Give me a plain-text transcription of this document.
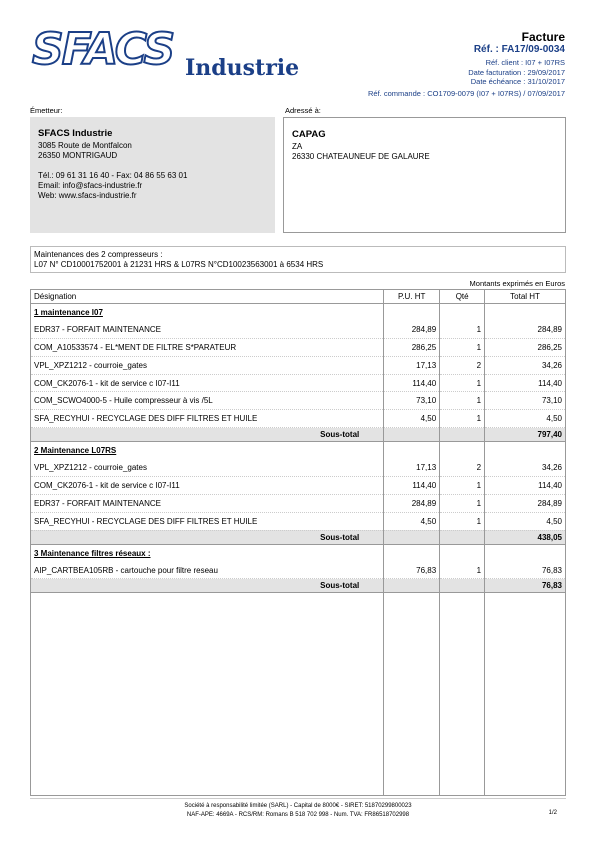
SFACS Industrie
Facture
Réf. : FA17/09-0034
Réf. client : I07 + I07RS
Date facturation : 29/09/2017
Date échéance : 31/10/2017
Réf. commande : CO1709-0079 (I07 + I07RS) / 07/09/2017
Émetteur:	Adressé à:
SFACS Industrie
3085 Route de Montfalcon
26350 MONTRIGAUD
Tél.: 09 61 31 16 40 - Fax: 04 86 55 63 01
Email: info@sfacs-industrie.fr
Web: www.sfacs-industrie.fr
CAPAG
ZA
26330 CHATEAUNEUF DE GALAURE
Maintenances des 2 compresseurs :
L07 N° CD10001752001 à 21231 HRS & L07RS N°CD10023563001 à 6534 HRS
Montants exprimés en Euros
Désignation	P.U. HT	Qté	Total HT
1 maintenance l07			
EDR37 - FORFAIT MAINTENANCE	284,89	1	284,89
COM_A10533574 - EL*MENT DE FILTRE S*PARATEUR	286,25	1	286,25
VPL_XPZ1212 - courroie_gates	17,13	2	34,26
COM_CK2076-1 - kit de service c I07-I11	114,40	1	114,40
COM_SCWO4000-5 - Huile compresseur à vis /5L	73,10	1	73,10
SFA_RECYHUI - RECYCLAGE DES DIFF FILTRES ET HUILE	4,50	1	4,50
Sous-total			797,40
2 Maintenance L07RS			
VPL_XPZ1212 - courroie_gates	17,13	2	34,26
COM_CK2076-1 - kit de service c I07-I11	114,40	1	114,40
EDR37 - FORFAIT MAINTENANCE	284,89	1	284,89
SFA_RECYHUI - RECYCLAGE DES DIFF FILTRES ET HUILE	4,50	1	4,50
Sous-total			438,05
3 Maintenance filtres réseaux :			
AIP_CARTBEA105RB - cartouche pour filtre reseau	76,83	1	76,83
Sous-total			76,83

Société à responsabilité limitée (SARL) - Capital de 8000€ - SIRET: 51870299800023
NAF-APE: 4669A - RCS/RM: Romans B 518 702 998 - Num. TVA: FR86518702998	1/2
